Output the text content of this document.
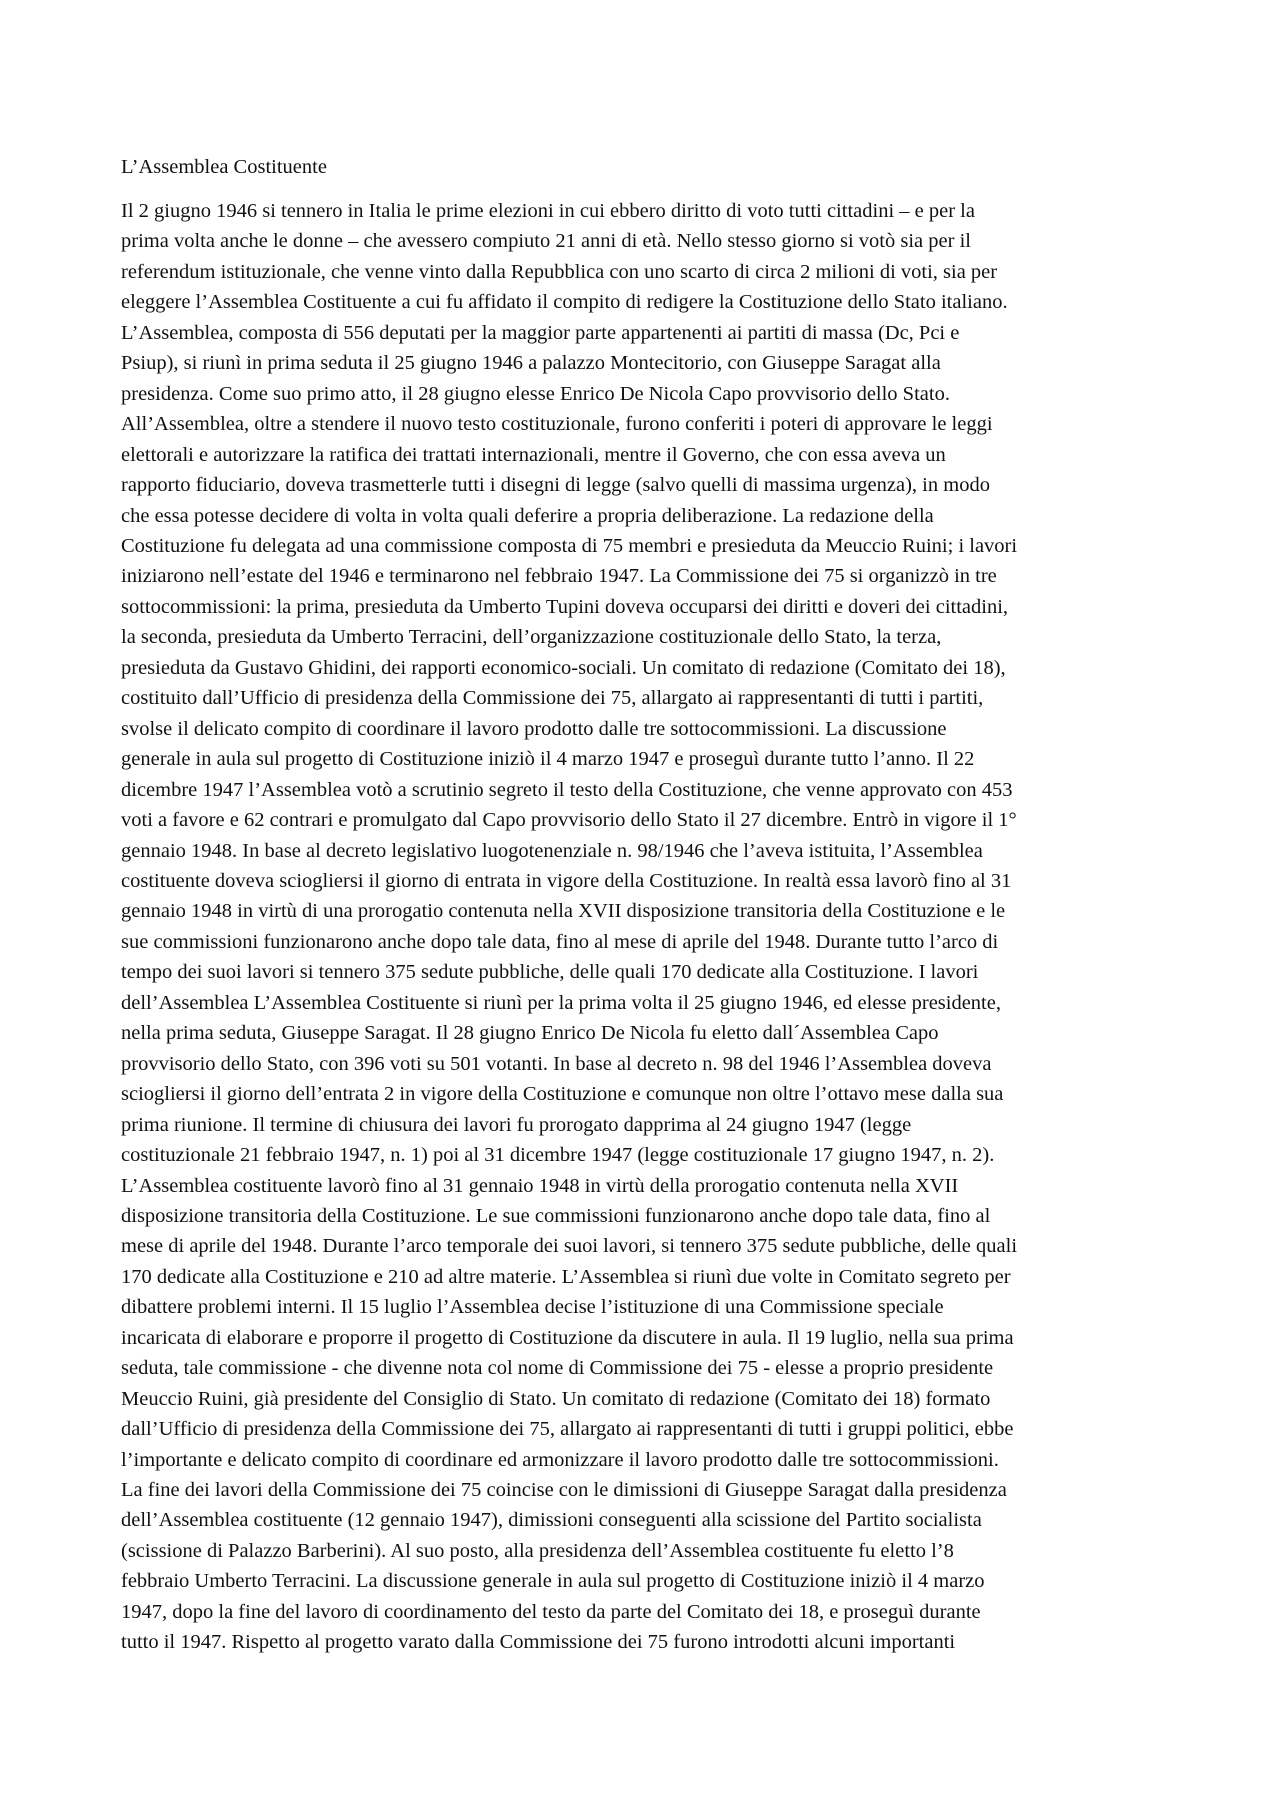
L’Assemblea Costituente
Il 2 giugno 1946 si tennero in Italia le prime elezioni in cui ebbero diritto di voto tutti cittadini – e per la
prima volta anche le donne – che avessero compiuto 21 anni di età. Nello stesso giorno si votò sia per il
referendum istituzionale, che venne vinto dalla Repubblica con uno scarto di circa 2 milioni di voti, sia per
eleggere l’Assemblea Costituente a cui fu affidato il compito di redigere la Costituzione dello Stato italiano.
L’Assemblea, composta di 556 deputati per la maggior parte appartenenti ai partiti di massa (Dc, Pci e
Psiup), si riunì in prima seduta il 25 giugno 1946 a palazzo Montecitorio, con Giuseppe Saragat alla
presidenza. Come suo primo atto, il 28 giugno elesse Enrico De Nicola Capo provvisorio dello Stato.
All’Assemblea, oltre a stendere il nuovo testo costituzionale, furono conferiti i poteri di approvare le leggi
elettorali e autorizzare la ratifica dei trattati internazionali, mentre il Governo, che con essa aveva un
rapporto fiduciario, doveva trasmetterle tutti i disegni di legge (salvo quelli di massima urgenza), in modo
che essa potesse decidere di volta in volta quali deferire a propria deliberazione. La redazione della
Costituzione fu delegata ad una commissione composta di 75 membri e presieduta da Meuccio Ruini; i lavori
iniziarono nell’estate del 1946 e terminarono nel febbraio 1947. La Commissione dei 75 si organizzò in tre
sottocommissioni: la prima, presieduta da Umberto Tupini doveva occuparsi dei diritti e doveri dei cittadini,
la seconda, presieduta da Umberto Terracini, dell’organizzazione costituzionale dello Stato, la terza,
presieduta da Gustavo Ghidini, dei rapporti economico-sociali. Un comitato di redazione (Comitato dei 18),
costituito dall’Ufficio di presidenza della Commissione dei 75, allargato ai rappresentanti di tutti i partiti,
svolse il delicato compito di coordinare il lavoro prodotto dalle tre sottocommissioni. La discussione
generale in aula sul progetto di Costituzione iniziò il 4 marzo 1947 e proseguì durante tutto l’anno. Il 22
dicembre 1947 l’Assemblea votò a scrutinio segreto il testo della Costituzione, che venne approvato con 453
voti a favore e 62 contrari e promulgato dal Capo provvisorio dello Stato il 27 dicembre. Entrò in vigore il 1°
gennaio 1948. In base al decreto legislativo luogotenenziale n. 98/1946 che l’aveva istituita, l’Assemblea
costituente doveva sciogliersi il giorno di entrata in vigore della Costituzione. In realtà essa lavorò fino al 31
gennaio 1948 in virtù di una prorogatio contenuta nella XVII disposizione transitoria della Costituzione e le
sue commissioni funzionarono anche dopo tale data, fino al mese di aprile del 1948. Durante tutto l’arco di
tempo dei suoi lavori si tennero 375 sedute pubbliche, delle quali 170 dedicate alla Costituzione. I lavori
dell’Assemblea L’Assemblea Costituente si riunì per la prima volta il 25 giugno 1946, ed elesse presidente,
nella prima seduta, Giuseppe Saragat. Il 28 giugno Enrico De Nicola fu eletto dall´Assemblea Capo
provvisorio dello Stato, con 396 voti su 501 votanti. In base al decreto n. 98 del 1946 l’Assemblea doveva
sciogliersi il giorno dell’entrata 2 in vigore della Costituzione e comunque non oltre l’ottavo mese dalla sua
prima riunione. Il termine di chiusura dei lavori fu prorogato dapprima al 24 giugno 1947 (legge
costituzionale 21 febbraio 1947, n. 1) poi al 31 dicembre 1947 (legge costituzionale 17 giugno 1947, n. 2).
L’Assemblea costituente lavorò fino al 31 gennaio 1948 in virtù della prorogatio contenuta nella XVII
disposizione transitoria della Costituzione. Le sue commissioni funzionarono anche dopo tale data, fino al
mese di aprile del 1948. Durante l’arco temporale dei suoi lavori, si tennero 375 sedute pubbliche, delle quali
170 dedicate alla Costituzione e 210 ad altre materie. L’Assemblea si riunì due volte in Comitato segreto per
dibattere problemi interni. Il 15 luglio l’Assemblea decise l’istituzione di una Commissione speciale
incaricata di elaborare e proporre il progetto di Costituzione da discutere in aula. Il 19 luglio, nella sua prima
seduta, tale commissione - che divenne nota col nome di Commissione dei 75 - elesse a proprio presidente
Meuccio Ruini, già presidente del Consiglio di Stato. Un comitato di redazione (Comitato dei 18) formato
dall’Ufficio di presidenza della Commissione dei 75, allargato ai rappresentanti di tutti i gruppi politici, ebbe
l’importante e delicato compito di coordinare ed armonizzare il lavoro prodotto dalle tre sottocommissioni.
La fine dei lavori della Commissione dei 75 coincise con le dimissioni di Giuseppe Saragat dalla presidenza
dell’Assemblea costituente (12 gennaio 1947), dimissioni conseguenti alla scissione del Partito socialista
(scissione di Palazzo Barberini). Al suo posto, alla presidenza dell’Assemblea costituente fu eletto l’8
febbraio Umberto Terracini. La discussione generale in aula sul progetto di Costituzione iniziò il 4 marzo
1947, dopo la fine del lavoro di coordinamento del testo da parte del Comitato dei 18, e proseguì durante
tutto il 1947. Rispetto al progetto varato dalla Commissione dei 75 furono introdotti alcuni importanti
